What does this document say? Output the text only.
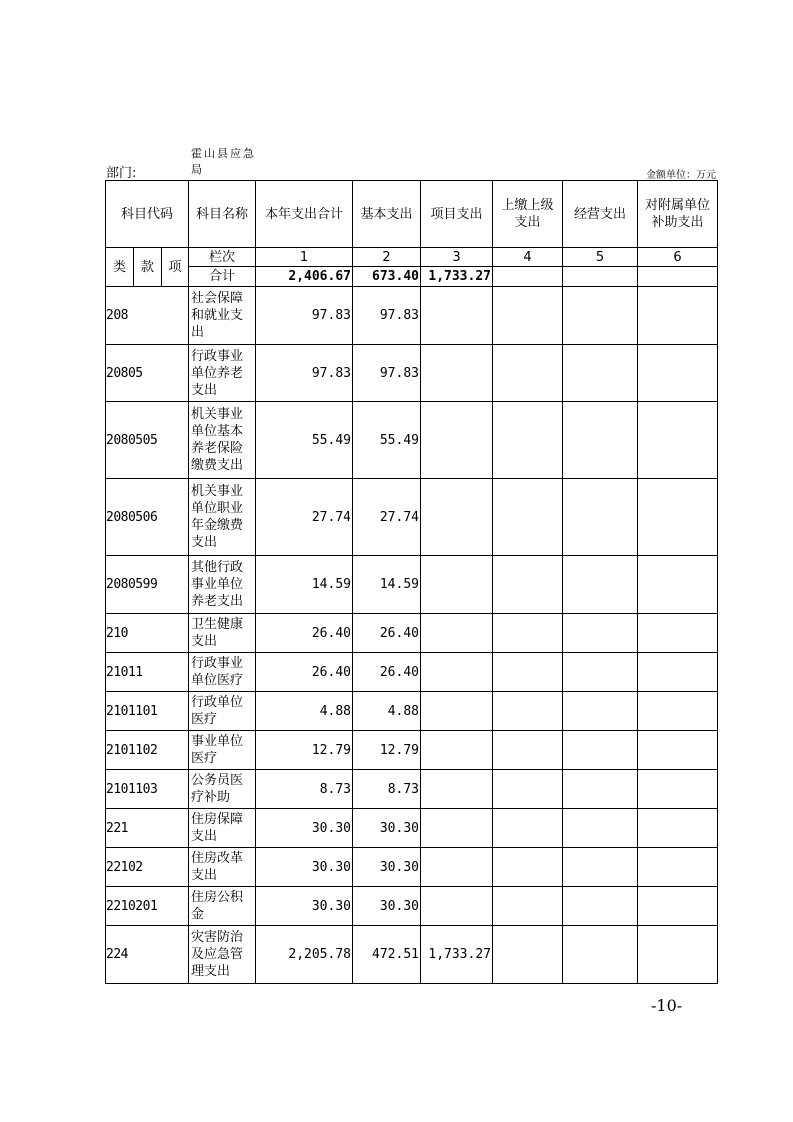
部门:
霍山县应急局	金额单位：万元
科目代码			科目名称	本年支出合计	基本支出	项目支出	上缴上级支出	经营支出	对附属单位补助支出

类	款	项	栏次	1	2	3	4	5	6
			合计	2,406.67	673.40	1,733.27			
208			社会保障和就业支出	97.83	97.83				
20805			行政事业单位养老支出	97.83	97.83				
2080505			机关事业单位基本养老保险缴费支出	55.49	55.49				
2080506			机关事业单位职业年金缴费支出	27.74	27.74				
2080599			其他行政事业单位养老支出	14.59	14.59				
210			卫生健康支出	26.40	26.40				
21011			行政事业单位医疗	26.40	26.40				
2101101			行政单位医疗	4.88	4.88				
2101102			事业单位医疗	12.79	12.79				
2101103			公务员医疗补助	8.73	8.73				
221			住房保障支出	30.30	30.30				
22102			住房改革支出	30.30	30.30				
2210201			住房公积金	30.30	30.30				
224			灾害防治及应急管理支出	2,205.78	472.51	1,733.27			
-10-
